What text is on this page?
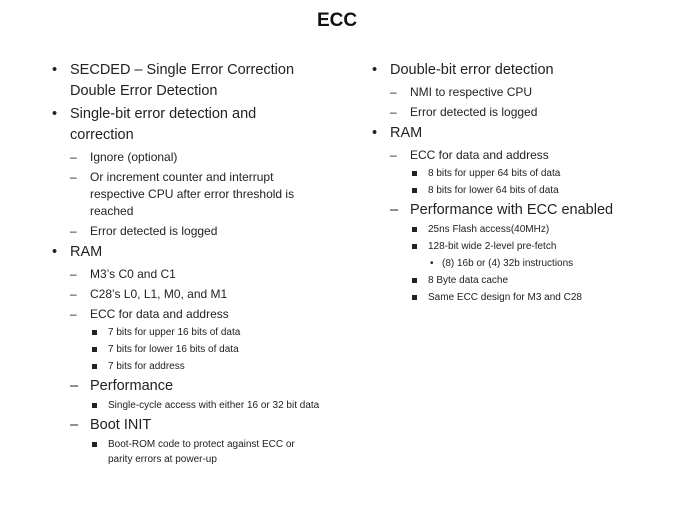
ECC
• SECDED – Single Error Correction Double Error Detection
• Single-bit error detection and correction
– Ignore (optional)
– Or increment counter and interrupt respective CPU after error threshold is reached
– Error detected is logged
• RAM
– M3’s C0 and C1
– C28’s L0, L1, M0, and M1
– ECC for data and address
7 bits for upper 16 bits of data
7 bits for lower 16 bits of data
7 bits for address
– Performance
Single-cycle access with either 16 or 32 bit data
– Boot INIT
Boot-ROM code to protect against ECC or parity errors at power-up
• Double-bit error detection
– NMI to respective CPU
– Error detected is logged
• RAM
– ECC for data and address
8 bits for upper 64 bits of data
8 bits for lower 64 bits of data
– Performance with ECC enabled
25ns Flash access(40MHz)
128-bit wide 2-level pre-fetch
• (8) 16b or (4) 32b instructions
8 Byte data cache
Same ECC design for M3 and C28
